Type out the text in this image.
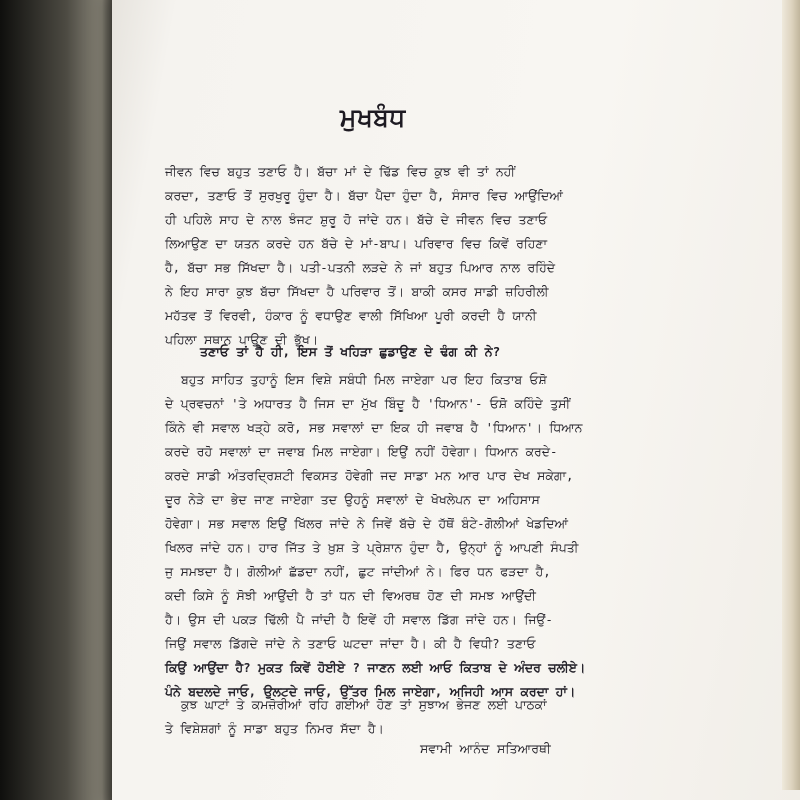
ਮੁਖਬੰਧ
ਜੀਵਨ ਵਿਚ ਬਹੁਤ ਤਣਾਓ ਹੈ। ਬੱਚਾ ਮਾਂ ਦੇ ਢਿੱਡ ਵਿਚ ਕੁਝ ਵੀ ਤਾਂ ਨਹੀਂ
ਕਰਦਾ, ਤਣਾਓ ਤੋਂ ਸੁਰਖੁਰੂ ਹੁੰਦਾ ਹੈ। ਬੱਚਾ ਪੈਦਾ ਹੁੰਦਾ ਹੈ, ਸੰਸਾਰ ਵਿਚ ਆਉਂਦਿਆਂ
ਹੀ ਪਹਿਲੇ ਸਾਹ ਦੇ ਨਾਲ ਝੰਜਟ ਸ਼ੁਰੂ ਹੋ ਜਾਂਦੇ ਹਨ। ਬੱਚੇ ਦੇ ਜੀਵਨ ਵਿਚ ਤਣਾਓ
ਲਿਆਉਣ ਦਾ ਯਤਨ ਕਰਦੇ ਹਨ ਬੱਚੇ ਦੇ ਮਾਂ-ਬਾਪ। ਪਰਿਵਾਰ ਵਿਚ ਕਿਵੇਂ ਰਹਿਣਾ
ਹੈ, ਬੱਚਾ ਸਭ ਸਿੱਖਦਾ ਹੈ। ਪਤੀ-ਪਤਨੀ ਲੜਦੇ ਨੇ ਜਾਂ ਬਹੁਤ ਪਿਆਰ ਨਾਲ ਰਹਿੰਦੇ
ਨੇ ਇਹ ਸਾਰਾ ਕੁਝ ਬੱਚਾ ਸਿੱਖਦਾ ਹੈ ਪਰਿਵਾਰ ਤੋਂ। ਬਾਕੀ ਕਸਰ ਸਾਡੀ ਜ਼ਹਿਰੀਲੀ
ਮਹੱਤਵ ਤੋਂ ਵਿਰਵੀ, ਹੰਕਾਰ ਨੂੰ ਵਧਾਉਣ ਵਾਲੀ ਸਿੱਖਿਆ ਪੂਰੀ ਕਰਦੀ ਹੈ ਯਾਨੀ
ਪਹਿਲਾ ਸਥਾਨ ਪਾਉਣ ਦੀ ਭੁੱਖ।
ਤਣਾਓ ਤਾਂ ਹੈ ਹੀ, ਇਸ ਤੋਂ ਖਹਿੜਾ ਛੁਡਾਉਣ ਦੇ ਢੰਗ ਕੀ ਨੇ?
ਬਹੁਤ ਸਾਹਿਤ ਤੁਹਾਨੂੰ ਇਸ ਵਿਸ਼ੇ ਸਬੰਧੀ ਮਿਲ ਜਾਏਗਾ ਪਰ ਇਹ ਕਿਤਾਬ ਓਸ਼ੋ
ਦੇ ਪ੍ਰਵਚਨਾਂ 'ਤੇ ਅਧਾਰਤ ਹੈ ਜਿਸ ਦਾ ਮੁੱਖ ਬਿੰਦੂ ਹੈ 'ਧਿਆਨ'- ਓਸ਼ੋ ਕਹਿੰਦੇ ਤੁਸੀਂ
ਕਿੰਨੇ ਵੀ ਸਵਾਲ ਖੜ੍ਹੇ ਕਰੋ, ਸਭ ਸਵਾਲਾਂ ਦਾ ਇਕ ਹੀ ਜਵਾਬ ਹੈ 'ਧਿਆਨ'। ਧਿਆਨ
ਕਰਦੇ ਰਹੋ ਸਵਾਲਾਂ ਦਾ ਜਵਾਬ ਮਿਲ ਜਾਏਗਾ। ਇਉਂ ਨਹੀਂ ਹੋਵੇਗਾ। ਧਿਆਨ ਕਰਦੇ-
ਕਰਦੇ ਸਾਡੀ ਅੰਤਰਦ੍ਰਿਸ਼ਟੀ ਵਿਕਸਤ ਹੋਵੇਗੀ ਜਦ ਸਾਡਾ ਮਨ ਆਰ ਪਾਰ ਦੇਖ ਸਕੇਗਾ,
ਦੂਰ ਨੇੜੇ ਦਾ ਭੇਦ ਜਾਣ ਜਾਏਗਾ ਤਦ ਉਹਨੂੰ ਸਵਾਲਾਂ ਦੇ ਖੋਖਲੇਪਨ ਦਾ ਅਹਿਸਾਸ
ਹੋਵੇਗਾ। ਸਭ ਸਵਾਲ ਇਉਂ ਖਿੱਲਰ ਜਾਂਦੇ ਨੇ ਜਿਵੇਂ ਬੱਚੇ ਦੇ ਹੱਥੋਂ ਬੰਟੇ-ਗੋਲੀਆਂ ਖੇਡਦਿਆਂ
ਖਿਲਰ ਜਾਂਦੇ ਹਨ। ਹਾਰ ਜਿੱਤ ਤੇ ਖ਼ੁਸ਼ ਤੇ ਪ੍ਰੇਸ਼ਾਨ ਹੁੰਦਾ ਹੈ, ਉਨ੍ਹਾਂ ਨੂੰ ਆਪਣੀ ਸੰਪਤੀ
ਜੁ ਸਮਝਦਾ ਹੈ। ਗੋਲੀਆਂ ਛੱਡਦਾ ਨਹੀਂ, ਛੁਟ ਜਾਂਦੀਆਂ ਨੇ। ਫਿਰ ਧਨ ਫੜਦਾ ਹੈ,
ਕਦੀ ਕਿਸੇ ਨੂੰ ਸੋਝੀ ਆਉਂਦੀ ਹੈ ਤਾਂ ਧਨ ਦੀ ਵਿਅਰਥ ਹੋਣ ਦੀ ਸਮਝ ਆਉਂਦੀ
ਹੈ। ਉਸ ਦੀ ਪਕੜ ਢਿੱਲੀ ਪੈ ਜਾਂਦੀ ਹੈ ਇਵੇਂ ਹੀ ਸਵਾਲ ਡਿੱਗ ਜਾਂਦੇ ਹਨ। ਜਿਉਂ-
ਜਿਉਂ ਸਵਾਲ ਡਿੱਗਦੇ ਜਾਂਦੇ ਨੇ ਤਣਾਓ ਘਟਦਾ ਜਾਂਦਾ ਹੈ। ਕੀ ਹੈ ਵਿਧੀ? ਤਣਾਓ
ਕਿਉਂ ਆਉਂਦਾ ਹੈ? ਮੁਕਤ ਕਿਵੇਂ ਹੋਈਏ ? ਜਾਣਨ ਲਈ ਆਓ ਕਿਤਾਬ ਦੇ ਅੰਦਰ ਚਲੀਏ।
ਪੰਨੇ ਬਦਲਦੇ ਜਾਓ, ਉਲਟਦੇ ਜਾਓ, ਉੱਤਰ ਮਿਲ ਜਾਏਗਾ, ਅਜਿਹੀ ਆਸ ਕਰਦਾ ਹਾਂ।
ਕੁਝ ਘਾਟਾਂ ਤੇ ਕਮਜ਼ੋਰੀਆਂ ਰਹਿ ਗਈਆਂ ਹੋਣ ਤਾਂ ਸੁਝਾਅ ਭੇਜਣ ਲਈ ਪਾਠਕਾਂ
ਤੇ ਵਿਸ਼ੇਸ਼ਗਾਂ ਨੂੰ ਸਾਡਾ ਬਹੁਤ ਨਿਮਰ ਸੱਦਾ ਹੈ।
ਸਵਾਮੀ ਆਨੰਦ ਸਤਿਆਰਥੀ
